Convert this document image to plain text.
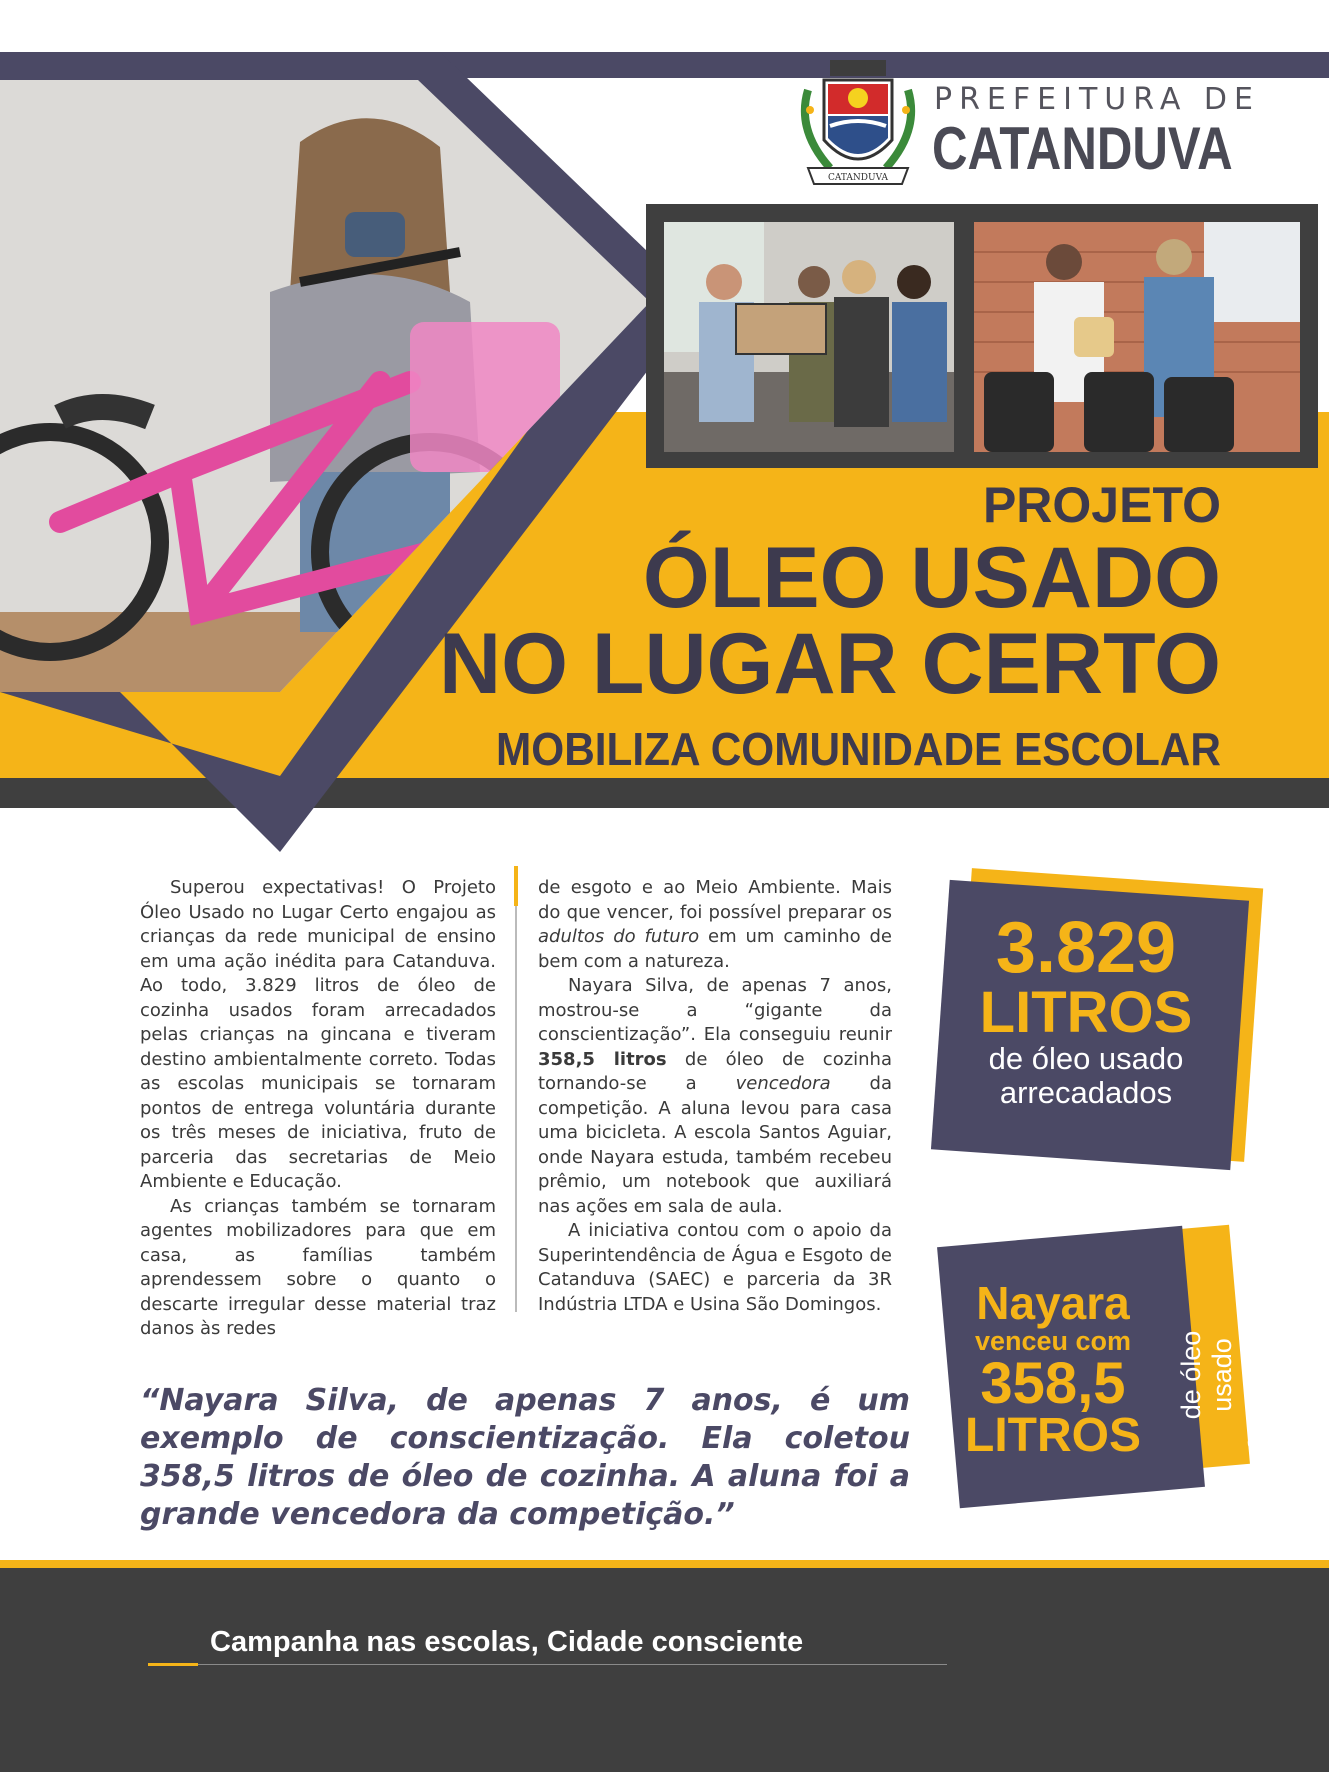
CATANDUVA
PREFEITURA DE
CATANDUVA
PROJETO
ÓLEO USADO
NO LUGAR CERTO
MOBILIZA COMUNIDADE ESCOLAR

Superou expectativas! O Projeto Óleo Usado no Lugar Certo engajou as crianças da rede municipal de ensino em uma ação inédita para Catanduva. Ao todo, 3.829 litros de óleo de cozinha usados foram arrecadados pelas crianças na gincana e tiveram destino ambientalmente correto. Todas as escolas municipais se tornaram pontos de entrega voluntária durante os três meses de iniciativa, fruto de parceria das secretarias de Meio Ambiente e Educação.

As crianças também se tornaram agentes mobilizadores para que em casa, as famílias também aprendessem sobre o quanto o descarte irregular desse material traz danos às redes

de esgoto e ao Meio Ambiente. Mais do que vencer, foi possível preparar os adultos do futuro em um caminho de bem com a natureza.

Nayara Silva, de apenas 7 anos, mostrou-se a “gigante da conscientização”. Ela conseguiu reunir 358,5 litros de óleo de cozinha tornando-se a vencedora da competição. A aluna levou para casa uma bicicleta. A escola Santos Aguiar, onde Nayara estuda, também recebeu prêmio, um notebook que auxiliará nas ações em sala de aula.

A iniciativa contou com o apoio da Superintendência de Água e Esgoto de Catanduva (SAEC) e parceria da 3R Indústria LTDA e Usina São Domingos.

3.829
LITROS
de óleo usado
arrecadados
Nayara
venceu com
358,5
LITROS
de óleo usado arrecadados
“Nayara Silva, de apenas 7 anos, é um exemplo de conscientização. Ela coletou 358,5 litros de óleo de cozinha. A aluna foi a grande vencedora da competição.”
Campanha nas escolas, Cidade consciente
